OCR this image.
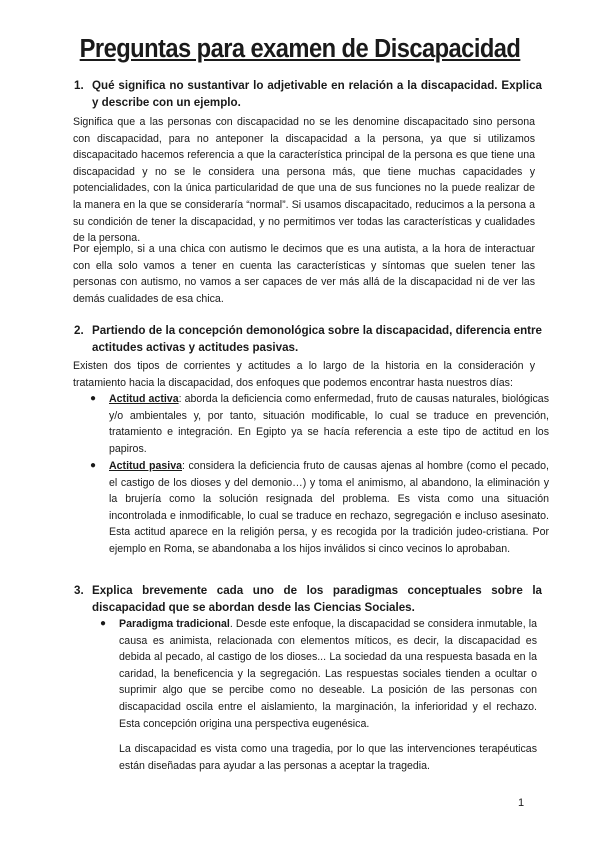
Preguntas para examen de Discapacidad
1. Qué significa no sustantivar lo adjetivable en relación a la discapacidad. Explica y describe con un ejemplo.
Significa que a las personas con discapacidad no se les denomine discapacitado sino persona con discapacidad, para no anteponer la discapacidad a la persona, ya que si utilizamos discapacitado hacemos referencia a que la característica principal de la persona es que tiene una discapacidad y no se le considera una persona más, que tiene muchas capacidades y potencialidades, con la única particularidad de que una de sus funciones no la puede realizar de la manera en la que se consideraría “normal”. Si usamos discapacitado, reducimos a la persona a su condición de tener la discapacidad, y no permitimos ver todas las características y cualidades de la persona.
Por ejemplo, si a una chica con autismo le decimos que es una autista, a la hora de interactuar con ella solo vamos a tener en cuenta las características y síntomas que suelen tener las personas con autismo, no vamos a ser capaces de ver más allá de la discapacidad ni de ver las demás cualidades de esa chica.
2. Partiendo de la concepción demonológica sobre la discapacidad, diferencia entre actitudes activas y actitudes pasivas.
Existen dos tipos de corrientes y actitudes a lo largo de la historia en la consideración y tratamiento hacia la discapacidad, dos enfoques que podemos encontrar hasta nuestros días:
● Actitud activa: aborda la deficiencia como enfermedad, fruto de causas naturales, biológicas y/o ambientales y, por tanto, situación modificable, lo cual se traduce en prevención, tratamiento e integración. En Egipto ya se hacía referencia a este tipo de actitud en los papiros.
● Actitud pasiva: considera la deficiencia fruto de causas ajenas al hombre (como el pecado, el castigo de los dioses y del demonio…) y toma el animismo, al abandono, la eliminación y la brujería como la solución resignada del problema. Es vista como una situación incontrolada e inmodificable, lo cual se traduce en rechazo, segregación e incluso asesinato. Esta actitud aparece en la religión persa, y es recogida por la tradición judeo-cristiana. Por ejemplo en Roma, se abandonaba a los hijos inválidos si cinco vecinos lo aprobaban.
3. Explica brevemente cada uno de los paradigmas conceptuales sobre la discapacidad que se abordan desde las Ciencias Sociales.
● Paradigma tradicional. Desde este enfoque, la discapacidad se considera inmutable, la causa es animista, relacionada con elementos míticos, es decir, la discapacidad es debida al pecado, al castigo de los dioses... La sociedad da una respuesta basada en la caridad, la beneficencia y la segregación. Las respuestas sociales tienden a ocultar o suprimir algo que se percibe como no deseable. La posición de las personas con discapacidad oscila entre el aislamiento, la marginación, la inferioridad y el rechazo. Esta concepción origina una perspectiva eugenésica.
La discapacidad es vista como una tragedia, por lo que las intervenciones terapéuticas están diseñadas para ayudar a las personas a aceptar la tragedia.
1
